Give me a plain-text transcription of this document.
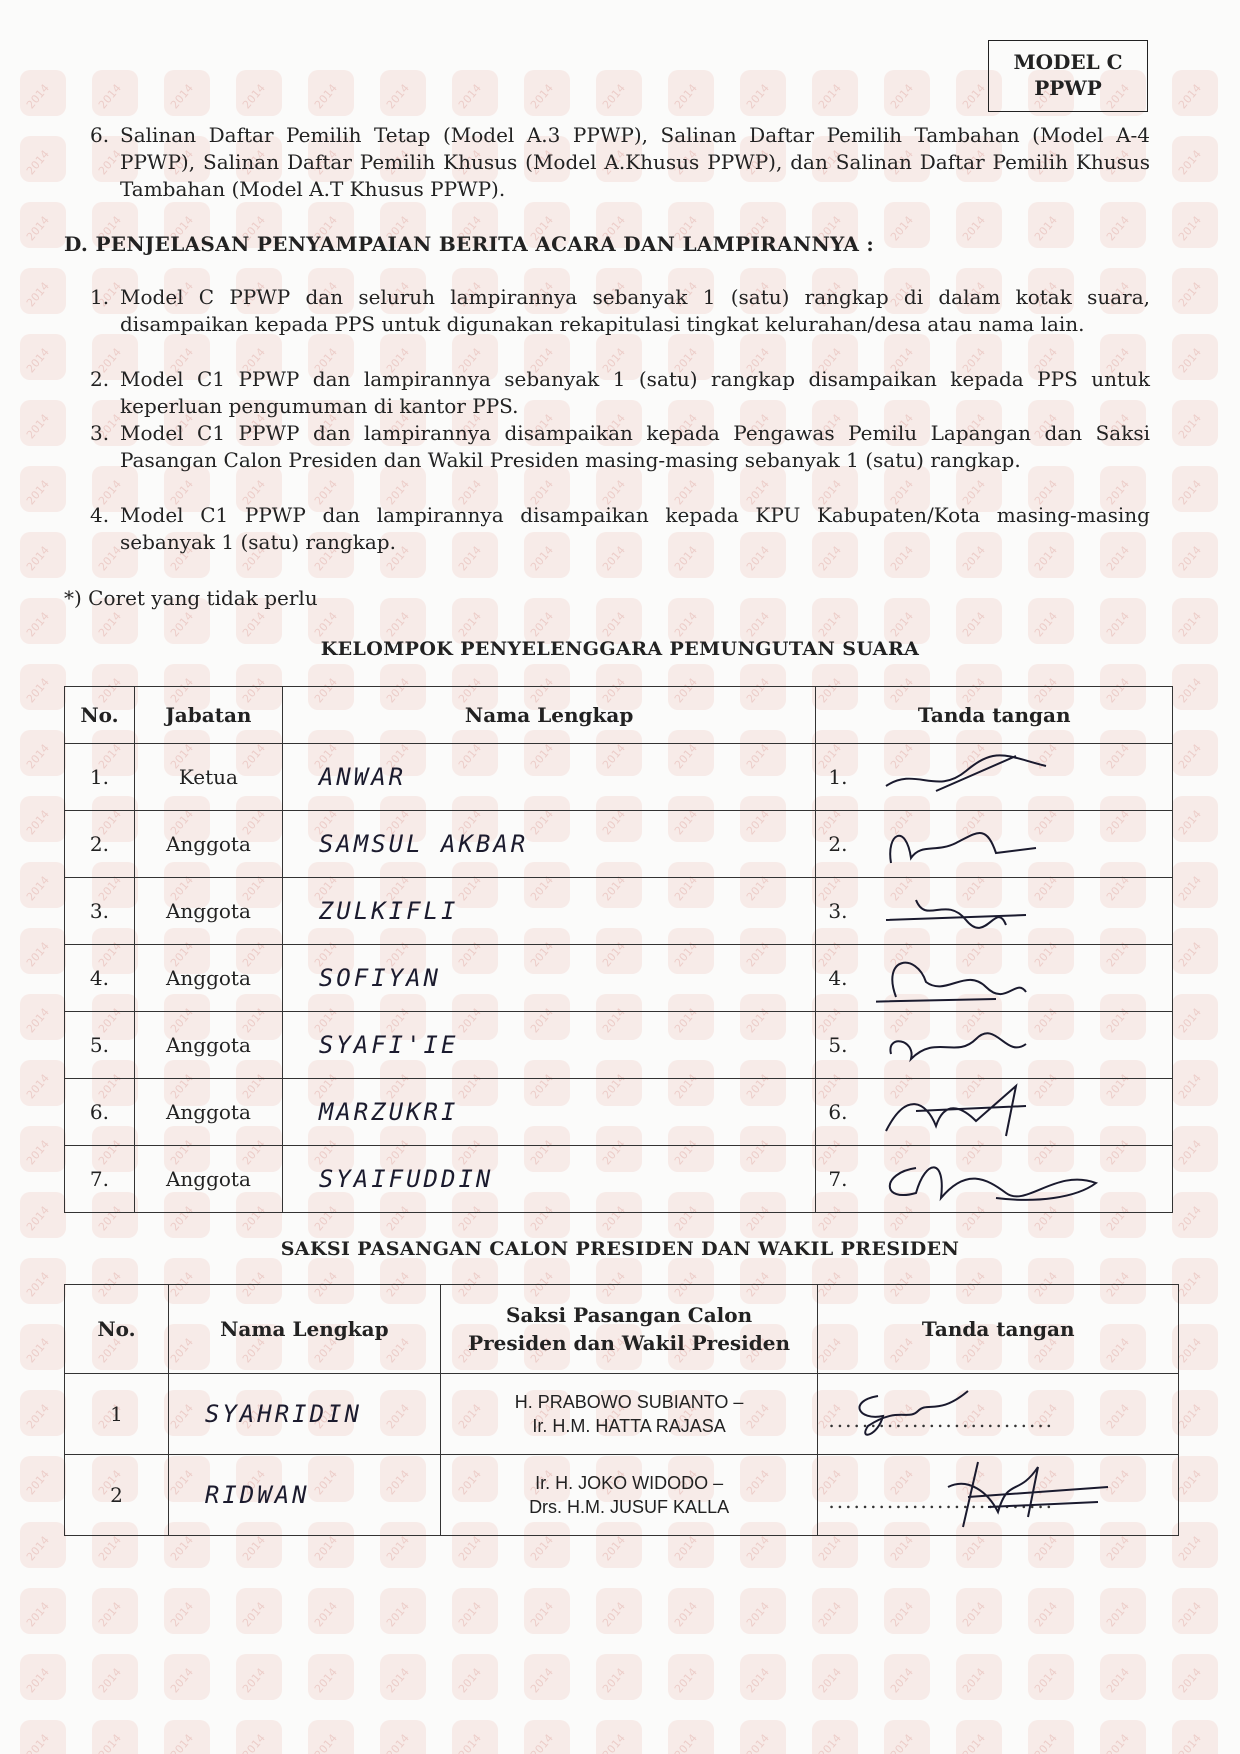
2014
2014
2014
2014
2014
2014
2014
2014
2014
2014
2014
2014
2014
2014
2014
2014
2014
2014
2014
2014
2014
2014
2014
2014
2014
2014
2014
2014
2014
2014
2014
2014
2014
2014
2014
2014
2014
2014
2014
2014
2014
2014
2014
2014
2014
2014
2014
2014
2014
2014
2014
2014
2014
2014
2014
2014
2014
2014
2014
2014
2014
2014
2014
2014
2014
2014
2014
2014
2014
2014
2014
2014
2014
2014
2014
2014
2014
2014
2014
2014
2014
2014
2014
2014
2014
2014
2014
2014
2014
2014
2014
2014
2014
2014
2014
2014
2014
2014
2014
2014
2014
2014
2014
2014
2014
2014
2014
2014
2014
2014
2014
2014
2014
2014
2014
2014
2014
2014
2014
2014
2014
2014
2014
2014
2014
2014
2014
2014
2014
2014
2014
2014
2014
2014
2014
2014
2014
2014
2014
2014
2014
2014
2014
2014
2014
2014
2014
2014
2014
2014
2014
2014
2014
2014
2014
2014
2014
2014
2014
2014
2014
2014
2014
2014
2014
2014
2014
2014
2014
2014
2014
2014
2014
2014
2014
2014
2014
2014
2014
2014
2014
2014
2014
2014
2014
2014
2014
2014
2014
2014
2014
2014
2014
2014
2014
2014
2014
2014
2014
2014
2014
2014
2014
2014
2014
2014
2014
2014
2014
2014
2014
2014
2014
2014
2014
2014
2014
2014
2014
2014
2014
2014
2014
2014
2014
2014
2014
2014
2014
2014
2014
2014
2014
2014
2014
2014
2014
2014
2014
2014
2014
2014
2014
2014
2014
2014
2014
2014
2014
2014
2014
2014
2014
2014
2014
2014
2014
2014
2014
2014
2014
2014
2014
2014
2014
2014
2014
2014
2014
2014
2014
2014
2014
2014
2014
2014
2014
2014
2014
2014
2014
2014
2014
2014
2014
2014
2014
2014
2014
2014
2014
2014
2014
2014
2014
2014
2014
2014
2014
2014
2014
2014
2014
2014
2014
2014
2014
2014
2014
2014
2014
2014
2014
2014
2014
2014
2014
2014
2014
2014
2014
2014
2014
2014
2014
2014
2014
2014
2014
2014
2014
2014
2014
2014
2014
2014
2014
2014
2014
2014
2014
2014
2014
2014
2014
2014
2014
2014
2014
2014
2014
2014
2014
2014
2014
2014
2014
2014
2014
2014
2014
2014
2014
2014
2014
2014
2014
2014
2014
2014
2014
2014
2014
2014
2014
2014
2014
2014
2014
2014
2014
2014
2014
2014
2014
2014
2014
2014
2014
2014
2014
2014
2014
2014
2014
2014
2014
2014
2014
2014
2014
2014
2014
2014
2014
2014
2014
2014
2014
2014
2014
2014
2014
2014
2014
2014
2014
2014
2014
2014
2014
2014
2014
2014
2014
2014
2014
2014
2014
2014
2014
2014
2014
2014
2014
2014
2014
2014
2014
2014
2014
2014
MODEL C
PPWP
6. Salinan Daftar Pemilih Tetap (Model A.3 PPWP), Salinan Daftar Pemilih Tambahan (Model A-4 PPWP), Salinan Daftar Pemilih Khusus (Model A.Khusus PPWP), dan Salinan Daftar Pemilih Khusus Tambahan (Model A.T Khusus PPWP).
D. PENJELASAN PENYAMPAIAN BERITA ACARA DAN LAMPIRANNYA :
1. Model C PPWP dan seluruh lampirannya sebanyak 1 (satu) rangkap di dalam kotak suara, disampaikan kepada PPS untuk digunakan rekapitulasi tingkat kelurahan/desa atau nama lain.
2. Model C1 PPWP dan lampirannya sebanyak 1 (satu) rangkap disampaikan kepada PPS untuk keperluan pengumuman di kantor PPS.
3. Model C1 PPWP dan lampirannya disampaikan kepada Pengawas Pemilu Lapangan dan Saksi Pasangan Calon Presiden dan Wakil Presiden masing-masing sebanyak 1 (satu) rangkap.
4. Model C1 PPWP dan lampirannya disampaikan kepada KPU Kabupaten/Kota masing-masing sebanyak 1 (satu) rangkap.
*) Coret yang tidak perlu
KELOMPOK PENYELENGGARA PEMUNGUTAN SUARA
No.	Jabatan	Nama Lengkap	Tanda tangan
1.	Ketua	ANWAR	1.

2.	Anggota	SAMSUL AKBAR	2.

3.	Anggota	ZULKIFLI	3.

4.	Anggota	SOFIYAN	4.

5.	Anggota	SYAFI'IE	5.

6.	Anggota	MARZUKRI	6.

7.	Anggota	SYAIFUDDIN	7.
SAKSI PASANGAN CALON PRESIDEN DAN WAKIL PRESIDEN
No.	Nama Lengkap	Saksi Pasangan Calon
Presiden dan Wakil Presiden	Tanda tangan
1	SYAHRIDIN	H. PRABOWO SUBIANTO –
Ir. H.M. HATTA RAJASA	...........................

2	RIDWAN	Ir. H. JOKO WIDODO –
Drs. H.M. JUSUF KALLA	...........................
